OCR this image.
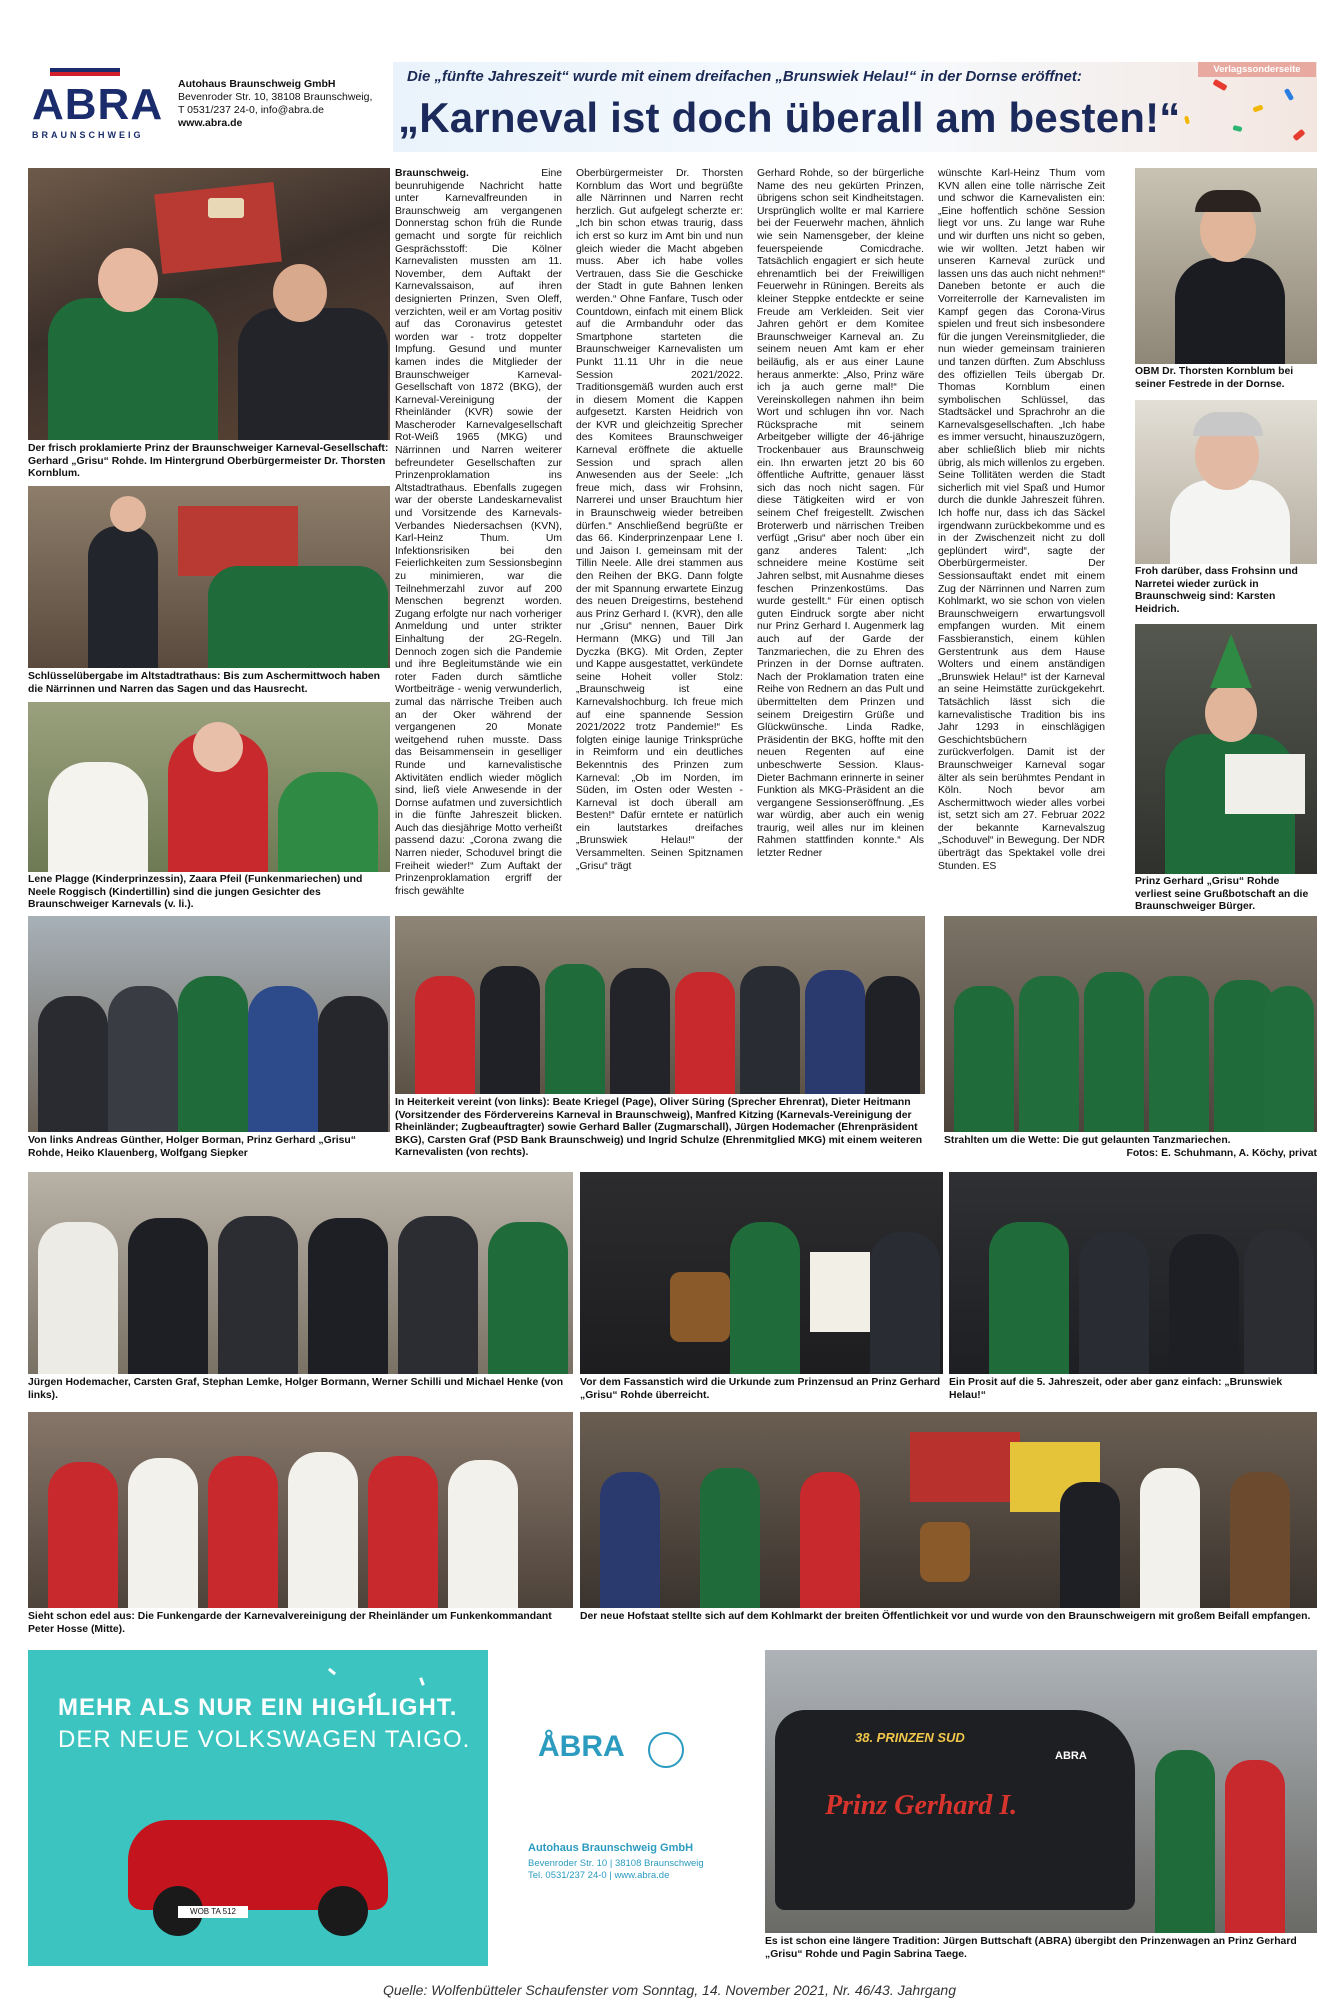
ABRA
BRAUNSCHWEIG
Autohaus Braunschweig GmbH
Bevenroder Str. 10, 38108 Braunschweig,
T 0531/237 24-0, info@abra.de
www.abra.de
Die „fünfte Jahreszeit“ wurde mit einem dreifachen „Brunswiek Helau!“ in der Dornse eröffnet:
„Karneval ist doch überall am besten!“
Verlagssonderseite
Der frisch proklamierte Prinz der Braunschweiger Karneval-Gesellschaft: Gerhard „Grisu“ Rohde. Im Hintergrund Oberbürgermeister Dr. Thorsten Kornblum.
Schlüsselübergabe im Altstadtrathaus: Bis zum Aschermittwoch haben die Närrinnen und Narren das Sagen und das Hausrecht.
Lene Plagge (Kinderprinzessin), Zaara Pfeil (Funkenmariechen) und Neele Roggisch (Kindertillin) sind die jungen Gesichter des Braunschweiger Karnevals (v. li.).
Braunschweig. Eine beunruhigende Nachricht hatte unter Karnevalfreunden in Braunschweig am vergangenen Donnerstag schon früh die Runde gemacht und sorgte für reichlich Gesprächsstoff: Die Kölner Karnevalisten mussten am 11. November, dem Auftakt der Karnevalssaison, auf ihren designierten Prinzen, Sven Oleff, verzichten, weil er am Vortag positiv auf das Coronavirus getestet worden war - trotz doppelter Impfung. Gesund und munter kamen indes die Mitglieder der Braunschweiger Karneval-Gesellschaft von 1872 (BKG), der Karneval-Vereinigung der Rheinländer (KVR) sowie der Mascheroder Karnevalgesellschaft Rot-Weiß 1965 (MKG) und Närrinnen und Narren weiterer befreundeter Gesellschaften zur Prinzenproklamation ins Altstadtrathaus. Ebenfalls zugegen war der oberste Landeskarnevalist und Vorsitzende des Karnevals-Verbandes Niedersachsen (KVN), Karl-Heinz Thum. Um Infektionsrisiken bei den Feierlichkeiten zum Sessionsbeginn zu minimieren, war die Teilnehmerzahl zuvor auf 200 Menschen begrenzt worden. Zugang erfolgte nur nach vorheriger Anmeldung und unter strikter Einhaltung der 2G-Regeln. Dennoch zogen sich die Pandemie und ihre Begleitumstände wie ein roter Faden durch sämtliche Wortbeiträge - wenig verwunderlich, zumal das närrische Treiben auch an der Oker während der vergangenen 20 Monate weitgehend ruhen musste. Dass das Beisammensein in geselliger Runde und karnevalistische Aktivitäten endlich wieder möglich sind, ließ viele Anwesende in der Dornse aufatmen und zuversichtlich in die fünfte Jahreszeit blicken. Auch das diesjährige Motto verheißt passend dazu: „Corona zwang die Narren nieder, Schoduvel bringt die Freiheit wieder!“ Zum Auftakt der Prinzenproklamation ergriff der frisch gewählte
Oberbürgermeister Dr. Thorsten Kornblum das Wort und begrüßte alle Närrinnen und Narren recht herzlich. Gut aufgelegt scherzte er: „Ich bin schon etwas traurig, dass ich erst so kurz im Amt bin und nun gleich wieder die Macht abgeben muss. Aber ich habe volles Vertrauen, dass Sie die Geschicke der Stadt in gute Bahnen lenken werden.“ Ohne Fanfare, Tusch oder Countdown, einfach mit einem Blick auf die Armbanduhr oder das Smartphone starteten die Braunschweiger Karnevalisten um Punkt 11.11 Uhr in die neue Session 2021/2022. Traditionsgemäß wurden auch erst in diesem Moment die Kappen aufgesetzt. Karsten Heidrich von der KVR und gleichzeitig Sprecher des Komitees Braunschweiger Karneval eröffnete die aktuelle Session und sprach allen Anwesenden aus der Seele: „Ich freue mich, dass wir Frohsinn, Narrerei und unser Brauchtum hier in Braunschweig wieder betreiben dürfen.“ Anschließend begrüßte er das 66. Kinderprinzenpaar Lene I. und Jaison I. gemeinsam mit der Tillin Neele. Alle drei stammen aus den Reihen der BKG. Dann folgte der mit Spannung erwartete Einzug des neuen Dreigestirns, bestehend aus Prinz Gerhard I. (KVR), den alle nur „Grisu“ nennen, Bauer Dirk Hermann (MKG) und Till Jan Dyczka (BKG). Mit Orden, Zepter und Kappe ausgestattet, verkündete seine Hoheit voller Stolz: „Braunschweig ist eine Karnevalshochburg. Ich freue mich auf eine spannende Session 2021/2022 trotz Pandemie!“ Es folgten einige launige Trinksprüche in Reimform und ein deutliches Bekenntnis des Prinzen zum Karneval: „Ob im Norden, im Süden, im Osten oder Westen - Karneval ist doch überall am Besten!“ Dafür erntete er natürlich ein lautstarkes dreifaches „Brunswiek Helau!“ der Versammelten. Seinen Spitznamen „Grisu“ trägt
Gerhard Rohde, so der bürgerliche Name des neu gekürten Prinzen, übrigens schon seit Kindheitstagen. Ursprünglich wollte er mal Karriere bei der Feuerwehr machen, ähnlich wie sein Namensgeber, der kleine feuerspeiende Comicdrache. Tatsächlich engagiert er sich heute ehrenamtlich bei der Freiwilligen Feuerwehr in Rüningen. Bereits als kleiner Steppke entdeckte er seine Freude am Verkleiden. Seit vier Jahren gehört er dem Komitee Braunschweiger Karneval an. Zu seinem neuen Amt kam er eher beiläufig, als er aus einer Laune heraus anmerkte: „Also, Prinz wäre ich ja auch gerne mal!“ Die Vereinskollegen nahmen ihn beim Wort und schlugen ihn vor. Nach Rücksprache mit seinem Arbeitgeber willigte der 46-jährige Trockenbauer aus Braunschweig ein. Ihn erwarten jetzt 20 bis 60 öffentliche Auftritte, genauer lässt sich das noch nicht sagen. Für diese Tätigkeiten wird er von seinem Chef freigestellt. Zwischen Broterwerb und närrischen Treiben verfügt „Grisu“ aber noch über ein ganz anderes Talent: „Ich schneidere meine Kostüme seit Jahren selbst, mit Ausnahme dieses feschen Prinzenkostüms. Das wurde gestellt.“ Für einen optisch guten Eindruck sorgte aber nicht nur Prinz Gerhard I. Augenmerk lag auch auf der Garde der Tanzmariechen, die zu Ehren des Prinzen in der Dornse auftraten. Nach der Proklamation traten eine Reihe von Rednern an das Pult und übermittelten dem Prinzen und seinem Dreigestirn Grüße und Glückwünsche. Linda Radke, Präsidentin der BKG, hoffte mit den neuen Regenten auf eine unbeschwerte Session. Klaus-Dieter Bachmann erinnerte in seiner Funktion als MKG-Präsident an die vergangene Sessionseröffnung. „Es war würdig, aber auch ein wenig traurig, weil alles nur im kleinen Rahmen stattfinden konnte.“ Als letzter Redner
wünschte Karl-Heinz Thum vom KVN allen eine tolle närrische Zeit und schwor die Karnevalisten ein: „Eine hoffentlich schöne Session liegt vor uns. Zu lange war Ruhe und wir durften uns nicht so geben, wie wir wollten. Jetzt haben wir unseren Karneval zurück und lassen uns das auch nicht nehmen!“ Daneben betonte er auch die Vorreiterrolle der Karnevalisten im Kampf gegen das Corona-Virus spielen und freut sich insbesondere für die jungen Vereinsmitglieder, die nun wieder gemeinsam trainieren und tanzen dürften. Zum Abschluss des offiziellen Teils übergab Dr. Thomas Kornblum einen symbolischen Schlüssel, das Stadtsäckel und Sprachrohr an die Karnevalsgesellschaften. „Ich habe es immer versucht, hinauszuzögern, aber schließlich blieb mir nichts übrig, als mich willenlos zu ergeben. Seine Tollitäten werden die Stadt sicherlich mit viel Spaß und Humor durch die dunkle Jahreszeit führen. Ich hoffe nur, dass ich das Säckel irgendwann zurückbekomme und es in der Zwischenzeit nicht zu doll geplündert wird“, sagte der Oberbürgermeister. Der Sessionsauftakt endet mit einem Zug der Närrinnen und Narren zum Kohlmarkt, wo sie schon von vielen Braunschweigern erwartungsvoll empfangen wurden. Mit einem Fassbieranstich, einem kühlen Gerstentrunk aus dem Hause Wolters und einem anständigen „Brunswiek Helau!“ ist der Karneval an seine Heimstätte zurückgekehrt. Tatsächlich lässt sich die karnevalistische Tradition bis ins Jahr 1293 in einschlägigen Geschichtsbüchern zurückverfolgen. Damit ist der Braunschweiger Karneval sogar älter als sein berühmtes Pendant in Köln. Noch bevor am Aschermittwoch wieder alles vorbei ist, setzt sich am 27. Februar 2022 der bekannte Karnevalszug „Schoduvel“ in Bewegung. Der NDR überträgt das Spektakel volle drei Stunden. ES
OBM Dr. Thorsten Kornblum bei seiner Festrede in der Dornse.
Froh darüber, dass Frohsinn und Narretei wieder zurück in Braunschweig sind: Karsten Heidrich.
Prinz Gerhard „Grisu“ Rohde verliest seine Grußbotschaft an die Braunschweiger Bürger.
Von links Andreas Günther, Holger Borman, Prinz Gerhard „Grisu“ Rohde, Heiko Klauenberg, Wolfgang Siepker
In Heiterkeit vereint (von links): Beate Kriegel (Page), Oliver Süring (Sprecher Ehrenrat), Dieter Heitmann (Vorsitzender des Fördervereins Karneval in Braunschweig), Manfred Kitzing (Karnevals-Vereinigung der Rheinländer; Zugbeauftragter) sowie Gerhard Baller (Zugmarschall), Jürgen Hodemacher (Ehrenpräsident BKG), Carsten Graf (PSD Bank Braunschweig) und Ingrid Schulze (Ehrenmitglied MKG) mit einem weiteren Karnevalisten (von rechts).
Strahlten um die Wette: Die gut gelaunten Tanzmariechen.
Fotos: E. Schuhmann, A. Köchy, privat
Jürgen Hodemacher, Carsten Graf, Stephan Lemke, Holger Bormann, Werner Schilli und Michael Henke (von links).
Vor dem Fassanstich wird die Urkunde zum Prinzensud an Prinz Gerhard „Grisu“ Rohde überreicht.
Ein Prosit auf die 5. Jahreszeit, oder aber ganz einfach: „Brunswiek Helau!“
Sieht schon edel aus: Die Funkengarde der Karnevalvereinigung der Rheinländer um Funkenkommandant Peter Hosse (Mitte).
Der neue Hofstaat stellte sich auf dem Kohlmarkt der breiten Öffentlichkeit vor und wurde von den Braunschweigern mit großem Beifall empfangen.
MEHR ALS NUR EIN HIGHLIGHT.
DER NEUE VOLKSWAGEN TAIGO.
WOB TA 512
ÅBRA
Autohaus Braunschweig GmbH
Bevenroder Str. 10 | 38108 Braunschweig
Tel. 0531/237 24-0 | www.abra.de
38. PRINZEN SUD
Prinz Gerhard I.
ABRA
Es ist schon eine längere Tradition: Jürgen Buttschaft (ABRA) übergibt den Prinzenwagen an Prinz Gerhard „Grisu“ Rohde und Pagin Sabrina Taege.
Quelle: Wolfenbütteler Schaufenster vom Sonntag, 14. November 2021, Nr. 46/43. Jahrgang
